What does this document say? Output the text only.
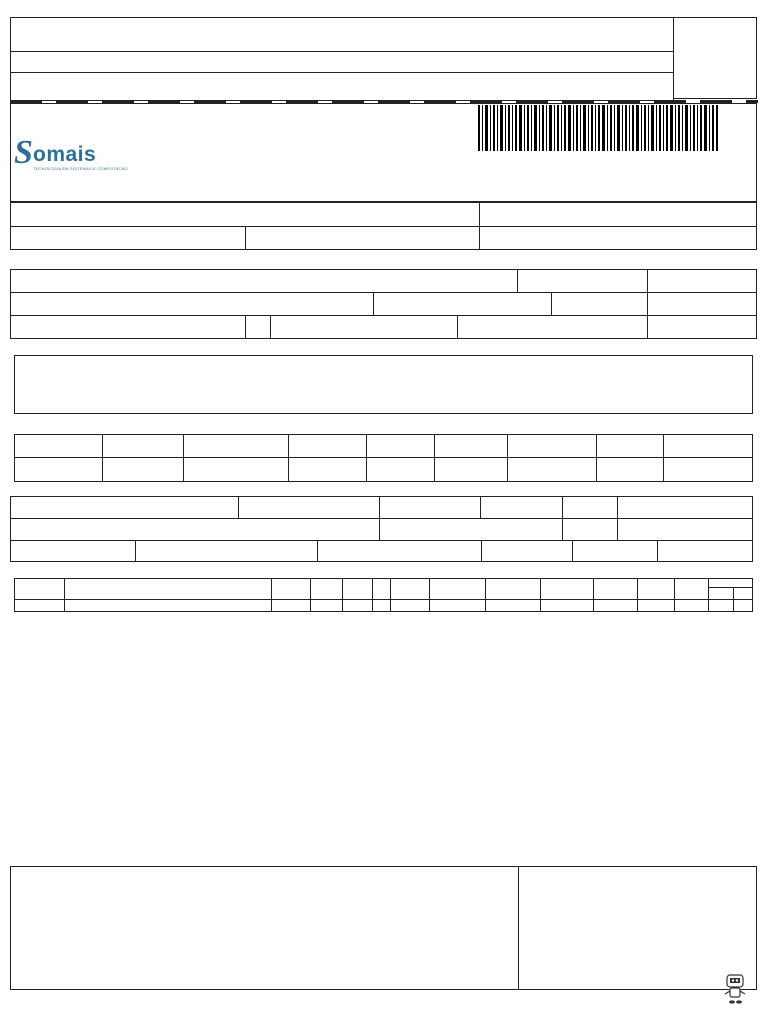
S omais
TECNOLOGIA EM SISTEMAS E COMPUTACAO
